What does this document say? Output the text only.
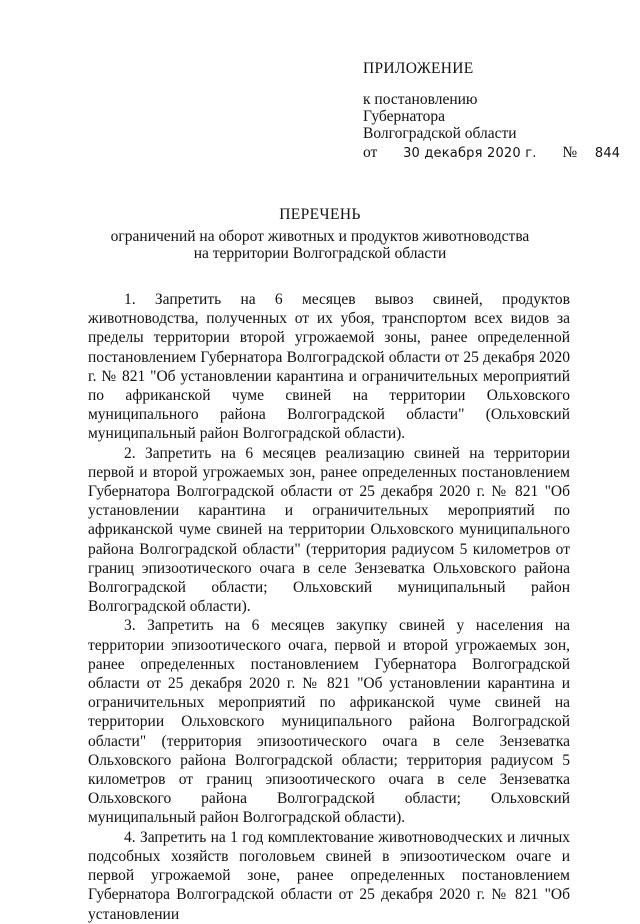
ПРИЛОЖЕНИЕ
к постановлению
Губернатора
Волгоградской области
от 30 декабря 2020 г. № 844
ПЕРЕЧЕНЬ
ограничений на оборот животных и продуктов животноводства
на территории Волгоградской области

1. Запретить на 6 месяцев вывоз свиней, продуктов животноводства, полученных от их убоя, транспортом всех видов за пределы территории второй угрожаемой зоны, ранее определенной постановлением Губернатора Волгоградской области от 25 декабря 2020 г. № 821 "Об установлении карантина и ограничительных мероприятий по африканской чуме свиней на территории Ольховского муниципального района Волгоградской области" (Ольховский муниципальный район Волгоградской области).

2. Запретить на 6 месяцев реализацию свиней на территории первой и второй угрожаемых зон, ранее определенных постановлением Губернатора Волгоградской области от 25 декабря 2020 г. № 821 "Об установлении карантина и ограничительных мероприятий по африканской чуме свиней на территории Ольховского муниципального района Волгоградской области" (территория радиусом 5 километров от границ эпизоотического очага в селе Зензеватка Ольховского района Волгоградской области; Ольховский муниципальный район Волгоградской области).

3. Запретить на 6 месяцев закупку свиней у населения на территории эпизоотического очага, первой и второй угрожаемых зон, ранее определенных постановлением Губернатора Волгоградской области от 25 декабря 2020 г. № 821 "Об установлении карантина и ограничительных мероприятий по африканской чуме свиней на территории Ольховского муниципального района Волгоградской области" (территория эпизоотического очага в селе Зензеватка Ольховского района Волгоградской области; территория радиусом 5 километров от границ эпизоотического очага в селе Зензеватка Ольховского района Волгоградской области; Ольховский муниципальный район Волгоградской области).

4. Запретить на 1 год комплектование животноводческих и личных подсобных хозяйств поголовьем свиней в эпизоотическом очаге и первой угрожаемой зоне, ранее определенных постановлением Губернатора Волгоградской области от 25 декабря 2020 г. № 821 "Об установлении
